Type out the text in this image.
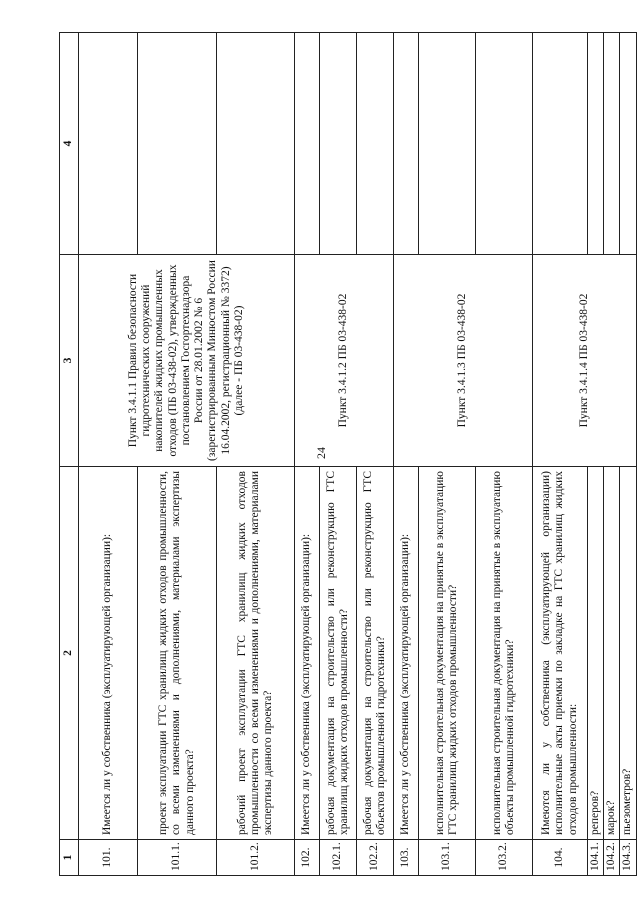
24
1	2	3	4
101.	Имеется ли у собственника (эксплуатирующей организации):	Пункт 3.4.1.1 Правил безопасности гидротехнических сооружений накопителей жидких промышленных отходов (ПБ 03-438-02), утвержденных постановлением Госгортехнадзора России от 28.01.2002 № 6 (зарегистрированным Минюстом России 16.04.2002, регистрационный № 3372) (далее - ПБ 03-438-02)	
101.1.	проект эксплуатации ГТС хранилищ жидких отходов промышленности, со всеми изменениями и дополнениями, материалами экспертизы данного проекта?		
101.2.	рабочий проект эксплуатации ГТС хранилищ жидких отходов промышленности со всеми изменениями и дополнениями, материалами экспертизы данного проекта?		
102.	Имеется ли у собственника (эксплуатирующей организации):	Пункт 3.4.1.2 ПБ 03-438-02	
102.1.	рабочая документация на строительство или реконструкцию ГТС хранилищ жидких отходов промышленности?		
102.2.	рабочая документация на строительство или реконструкцию ГТС объектов промышленной гидротехники?		
103.	Имеется ли у собственника (эксплуатирующей организации):	Пункт 3.4.1.3 ПБ 03-438-02	
103.1.	исполнительная строительная документация на принятые в эксплуатацию ГТС хранилищ жидких отходов промышленности?		
103.2.	исполнительная строительная документация на принятые в эксплуатацию объекты промышленной гидротехники?		
104.	Имеются ли у собственника (эксплуатирующей организации) исполнительные акты приемки по закладке на ГТС хранилищ жидких отходов промышленности:	Пункт 3.4.1.4 ПБ 03-438-02	
104.1.	реперов?		
104.2.	марок?		
104.3.	пьезометров?		
